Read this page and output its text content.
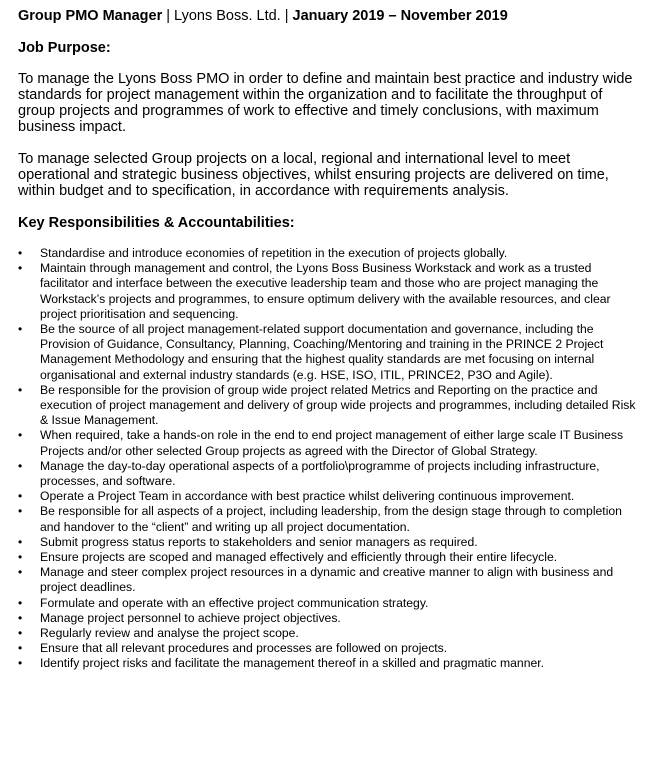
Group PMO Manager | Lyons Boss. Ltd. | January 2019 – November 2019

Job Purpose:

To manage the Lyons Boss PMO in order to define and maintain best practice and industry wide standards for project management within the organization and to facilitate the throughput of group projects and programmes of work to effective and timely conclusions, with maximum business impact.

To manage selected Group projects on a local, regional and international level to meet operational and strategic business objectives, whilst ensuring projects are delivered on time, within budget and to specification, in accordance with requirements analysis.

Key Responsibilities & Accountabilities:

•	Standardise and introduce economies of repetition in the execution of projects globally.
•	Maintain through management and control, the Lyons Boss Business Workstack and work as a trusted facilitator and interface between the executive leadership team and those who are project managing the Workstack’s projects and programmes, to ensure optimum delivery with the available resources, and clear project prioritisation and sequencing.
•	Be the source of all project management-related support documentation and governance, including the Provision of Guidance, Consultancy, Planning, Coaching/Mentoring and training in the PRINCE 2 Project Management Methodology and ensuring that the highest quality standards are met focusing on internal organisational and external industry standards (e.g. HSE, ISO, ITIL, PRINCE2, P3O and Agile).
•	Be responsible for the provision of group wide project related Metrics and Reporting on the practice and execution of project management and delivery of group wide projects and programmes, including detailed Risk & Issue Management.
•	When required, take a hands-on role in the end to end project management of either large scale IT Business Projects and/or other selected Group projects as agreed with the Director of Global Strategy.
•	Manage the day-to-day operational aspects of a portfolio\programme of projects including infrastructure, processes, and software.
•	Operate a Project Team in accordance with best practice whilst delivering continuous improvement.
•	Be responsible for all aspects of a project, including leadership, from the design stage through to completion and handover to the “client” and writing up all project documentation.
•	Submit progress status reports to stakeholders and senior managers as required.
•	Ensure projects are scoped and managed effectively and efficiently through their entire lifecycle.
•	Manage and steer complex project resources in a dynamic and creative manner to align with business and project deadlines.
•	Formulate and operate with an effective project communication strategy.
•	Manage project personnel to achieve project objectives.
•	Regularly review and analyse the project scope.
•	Ensure that all relevant procedures and processes are followed on projects.
•	Identify project risks and facilitate the management thereof in a skilled and pragmatic manner.
